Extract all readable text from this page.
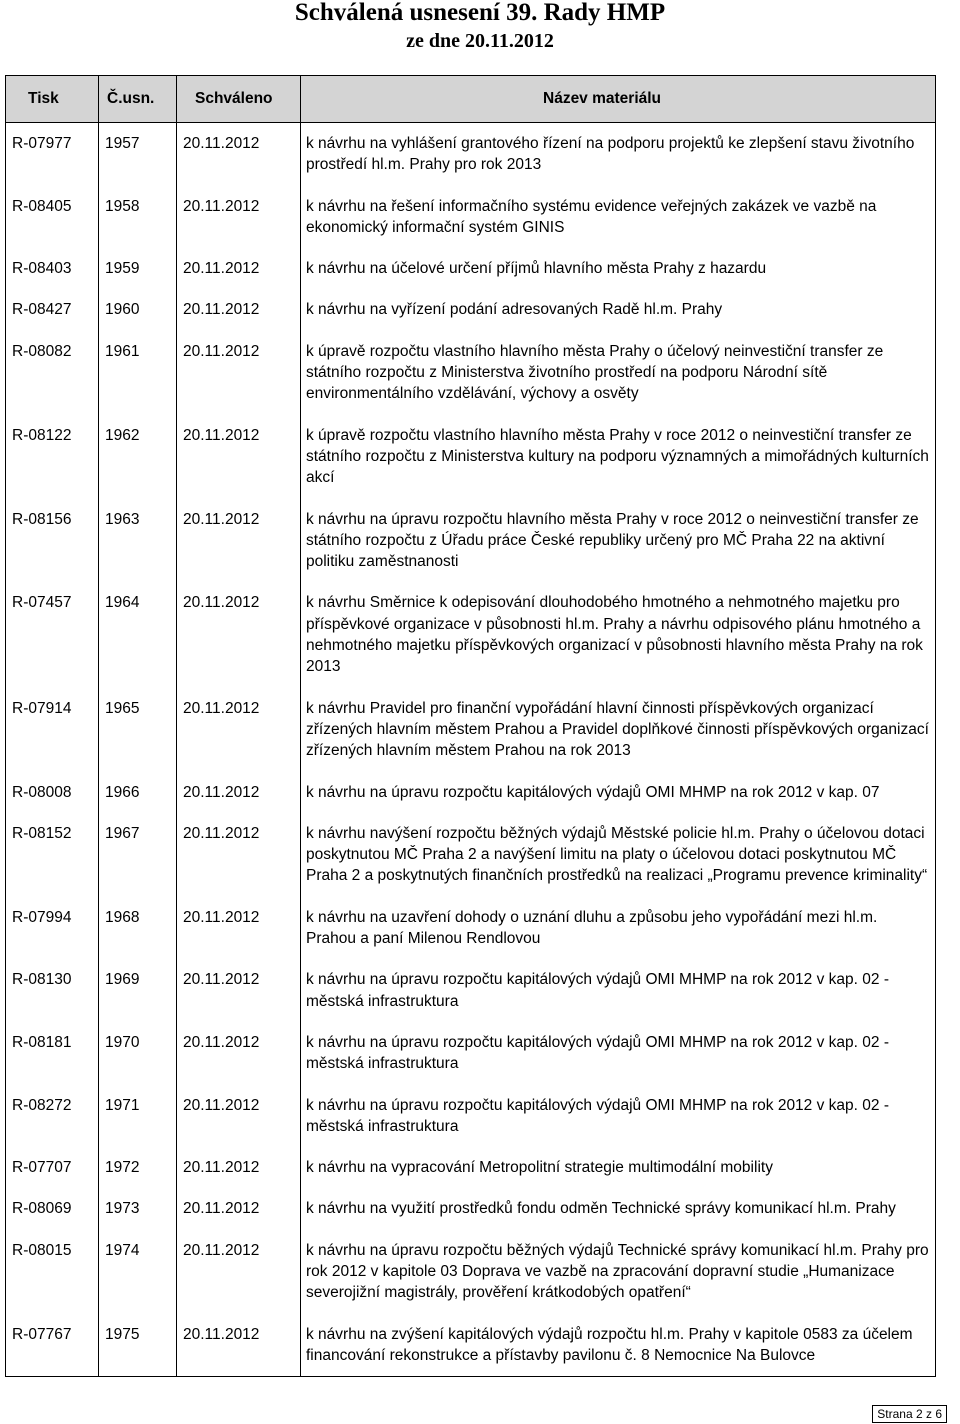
Schválená usnesení 39. Rady HMP
ze dne 20.11.2012
Tisk	Č.usn.	Schváleno	Název materiálu

R-07977	1957	20.11.2012	k návrhu na vyhlášení grantového řízení na podporu projektů ke zlepšení stavu životního prostředí hl.m. Prahy pro rok 2013

R-08405	1958	20.11.2012	k návrhu na řešení informačního systému evidence veřejných zakázek ve vazbě na ekonomický informační systém GINIS

R-08403	1959	20.11.2012	k návrhu na účelové určení příjmů hlavního města Prahy z hazardu

R-08427	1960	20.11.2012	k návrhu na vyřízení podání adresovaných Radě hl.m. Prahy

R-08082	1961	20.11.2012	k úpravě rozpočtu vlastního hlavního města Prahy o účelový neinvestiční transfer ze státního rozpočtu z Ministerstva životního prostředí na podporu Národní sítě environmentálního vzdělávání, výchovy a osvěty

R-08122	1962	20.11.2012	k úpravě rozpočtu vlastního hlavního města Prahy v roce 2012 o neinvestiční transfer ze státního rozpočtu z Ministerstva kultury na podporu významných a mimořádných kulturních akcí

R-08156	1963	20.11.2012	k návrhu na úpravu rozpočtu hlavního města Prahy v roce 2012 o neinvestiční transfer ze státního rozpočtu z Úřadu práce České republiky určený pro MČ Praha 22 na aktivní politiku zaměstnanosti

R-07457	1964	20.11.2012	k návrhu Směrnice k odepisování dlouhodobého hmotného a nehmotného majetku pro příspěvkové organizace v působnosti hl.m. Prahy a návrhu odpisového plánu hmotného a nehmotného majetku příspěvkových organizací v působnosti hlavního města Prahy na rok 2013

R-07914	1965	20.11.2012	k návrhu Pravidel pro finanční vypořádání hlavní činnosti příspěvkových organizací zřízených hlavním městem Prahou a Pravidel doplňkové činnosti příspěvkových organizací zřízených hlavním městem Prahou na rok 2013

R-08008	1966	20.11.2012	k návrhu na úpravu rozpočtu kapitálových výdajů OMI MHMP na rok 2012 v kap. 07

R-08152	1967	20.11.2012	k návrhu navýšení rozpočtu běžných výdajů Městské policie hl.m. Prahy o účelovou dotaci poskytnutou MČ Praha 2 a navýšení limitu na platy o účelovou dotaci poskytnutou MČ Praha 2 a poskytnutých finančních prostředků na realizaci „Programu prevence kriminality“

R-07994	1968	20.11.2012	k návrhu na uzavření dohody o uznání dluhu a způsobu jeho vypořádání mezi hl.m. Prahou a paní Milenou Rendlovou

R-08130	1969	20.11.2012	k návrhu na úpravu rozpočtu kapitálových výdajů OMI MHMP na rok 2012 v kap. 02 - městská infrastruktura

R-08181	1970	20.11.2012	k návrhu na úpravu rozpočtu kapitálových výdajů OMI MHMP na rok 2012 v kap. 02 - městská infrastruktura

R-08272	1971	20.11.2012	k návrhu na úpravu rozpočtu kapitálových výdajů OMI MHMP na rok 2012 v kap. 02 - městská infrastruktura

R-07707	1972	20.11.2012	k návrhu na vypracování Metropolitní strategie multimodální mobility

R-08069	1973	20.11.2012	k návrhu na využití prostředků fondu odměn Technické správy komunikací hl.m. Prahy

R-08015	1974	20.11.2012	k návrhu na úpravu rozpočtu běžných výdajů Technické správy komunikací hl.m. Prahy pro rok 2012 v kapitole 03 Doprava ve vazbě na zpracování dopravní studie „Humanizace severojižní magistrály, prověření krátkodobých opatření“

R-07767	1975	20.11.2012	k návrhu na zvýšení kapitálových výdajů rozpočtu hl.m. Prahy v kapitole 0583 za účelem financování rekonstrukce a přístavby pavilonu č. 8 Nemocnice Na Bulovce
Strana 2 z 6
